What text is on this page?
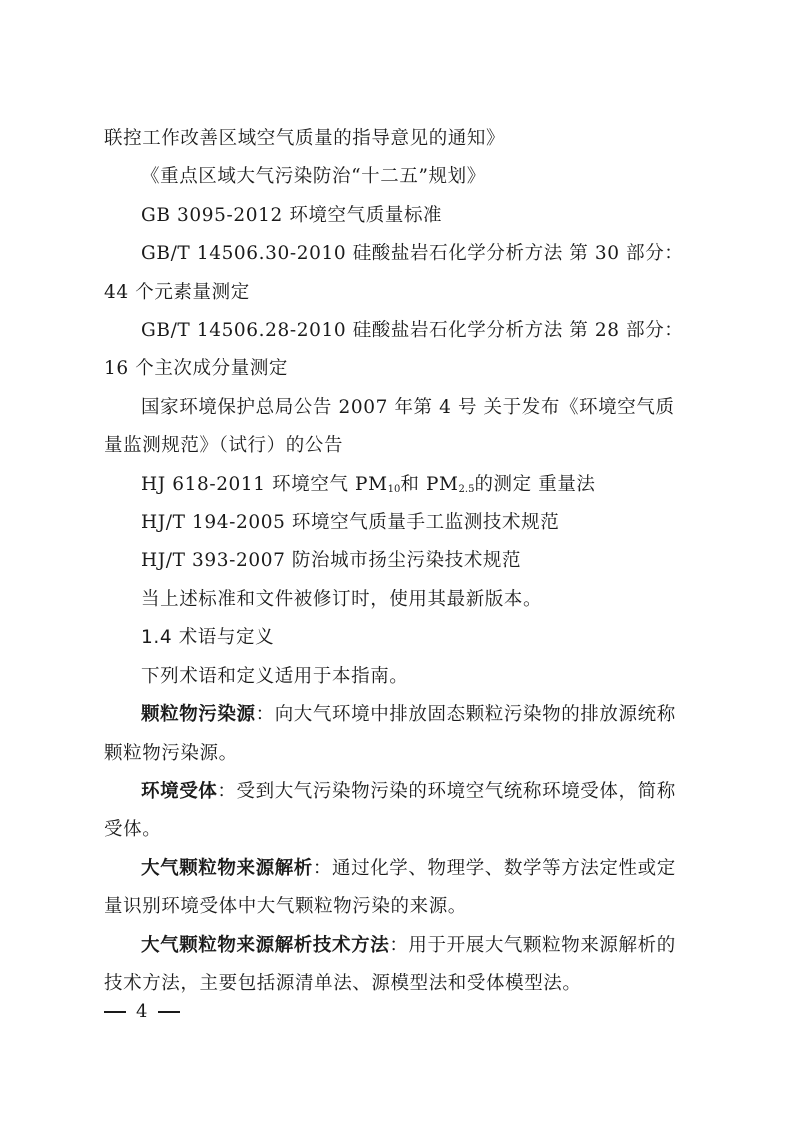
联控工作改善区域空气质量的指导意见的通知》

《重点区域大气污染防治“十二五”规划》

GB 3095-2012 环境空气质量标准

GB/T 14506.30-2010 硅酸盐岩石化学分析方法 第 30 部分：44 个元素量测定

GB/T 14506.28-2010 硅酸盐岩石化学分析方法 第 28 部分：16 个主次成分量测定

国家环境保护总局公告 2007 年第 4 号 关于发布《环境空气质量监测规范》（试行）的公告

HJ 618-2011 环境空气 $PM_{10}$和 $PM_{2.5}$的测定 重量法

HJ/T 194-2005 环境空气质量手工监测技术规范

HJ/T 393-2007 防治城市扬尘污染技术规范

当上述标准和文件被修订时，使用其最新版本。

1.4 术语与定义

下列术语和定义适用于本指南。

颗粒物污染源：向大气环境中排放固态颗粒污染物的排放源统称颗粒物污染源。

环境受体：受到大气污染物污染的环境空气统称环境受体，简称受体。

大气颗粒物来源解析：通过化学、物理学、数学等方法定性或定量识别环境受体中大气颗粒物污染的来源。

大气颗粒物来源解析技术方法：用于开展大气颗粒物来源解析的技术方法，主要包括源清单法、源模型法和受体模型法。

4
